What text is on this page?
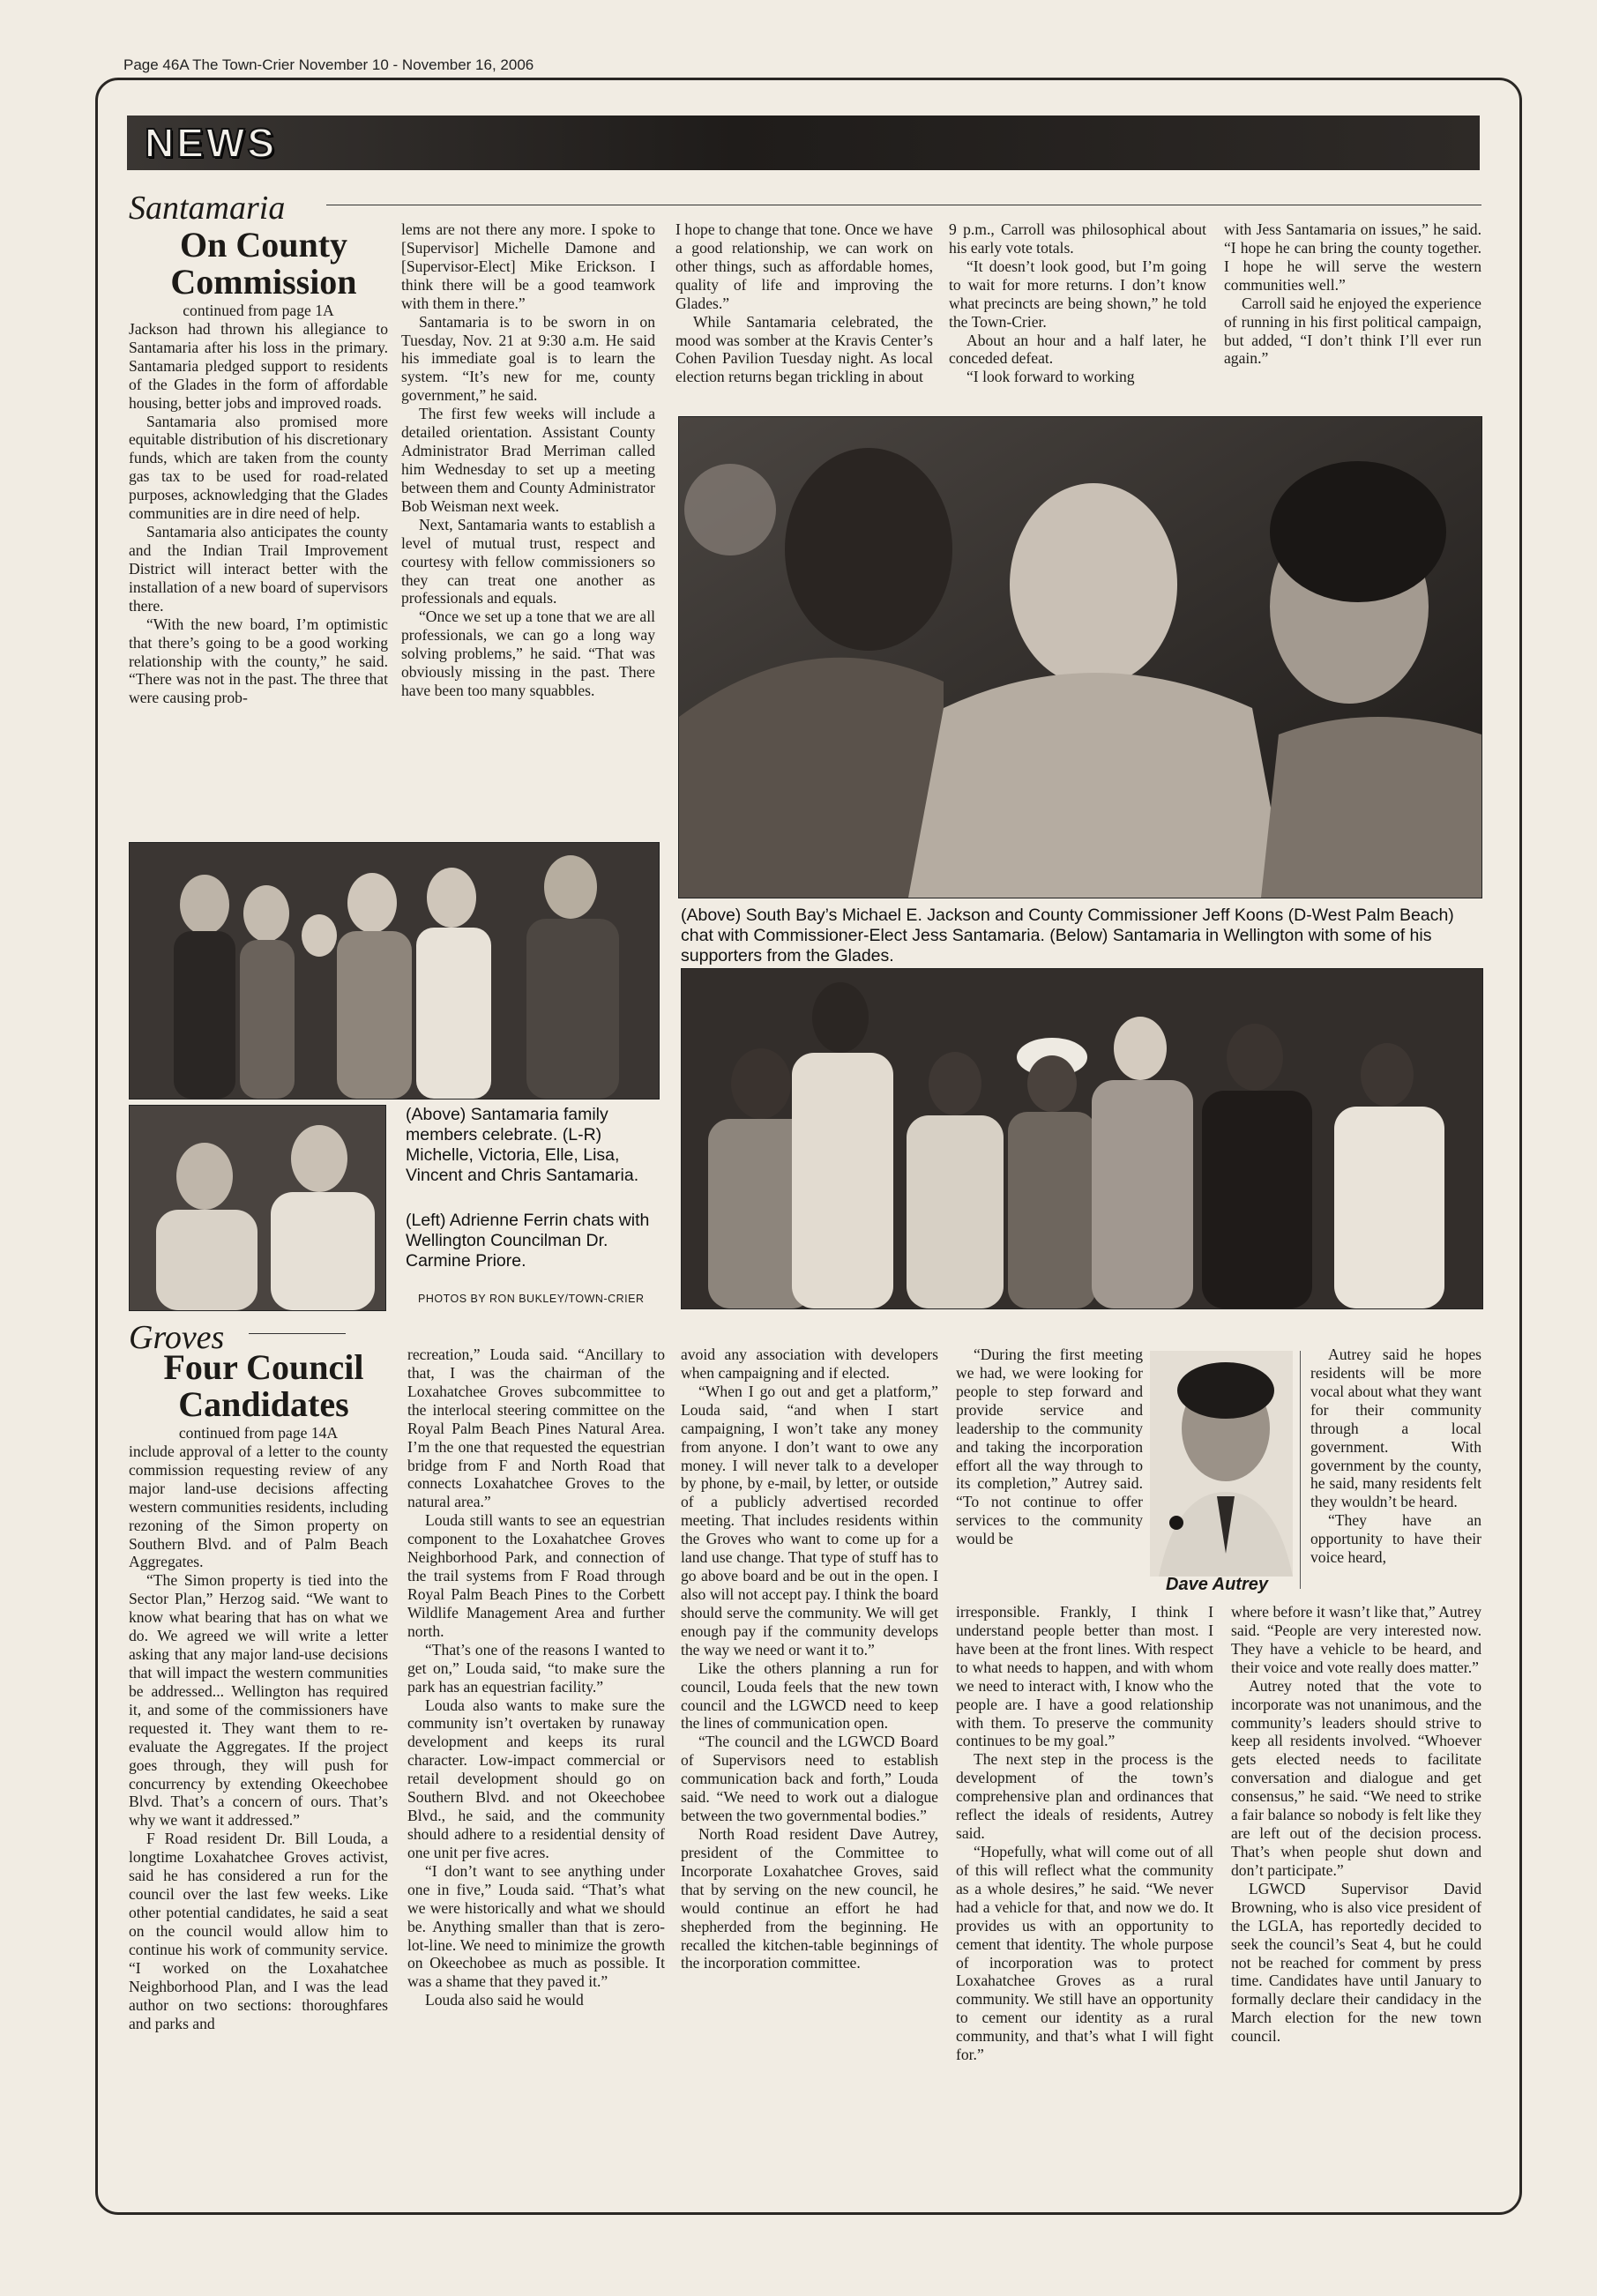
Page 46A The Town-Crier November 10 - November 16, 2006
NEWS
Santamaria
On County
Commission

continued from page 1A

Jackson had thrown his allegiance to Santamaria after his loss in the primary. Santamaria pledged support to residents of the Glades in the form of affordable housing, better jobs and improved roads.

Santamaria also promised more equitable distribution of his discretionary funds, which are taken from the county gas tax to be used for road-related purposes, acknowledging that the Glades communities are in dire need of help.

Santamaria also anticipates the county and the Indian Trail Improvement District will interact better with the installation of a new board of supervisors there.

“With the new board, I’m optimistic that there’s going to be a good working relationship with the county,” he said. “There was not in the past. The three that were causing prob-

lems are not there any more. I spoke to [Supervisor] Michelle Damone and [Supervisor-Elect] Mike Erickson. I think there will be a good teamwork with them in there.”

Santamaria is to be sworn in on Tuesday, Nov. 21 at 9:30 a.m. He said his immediate goal is to learn the system. “It’s new for me, county government,” he said.

The first few weeks will include a detailed orientation. Assistant County Administrator Brad Merriman called him Wednesday to set up a meeting between them and County Administrator Bob Weisman next week.

Next, Santamaria wants to establish a level of mutual trust, respect and courtesy with fellow commissioners so they can treat one another as professionals and equals.

“Once we set up a tone that we are all professionals, we can go a long way solving problems,” he said. “That was obviously missing in the past. There have been too many squabbles.

I hope to change that tone. Once we have a good relationship, we can work on other things, such as affordable homes, quality of life and improving the Glades.”

While Santamaria celebrated, the mood was somber at the Kravis Center’s Cohen Pavilion Tuesday night. As local election returns began trickling in about

9 p.m., Carroll was philosophical about his early vote totals.

“It doesn’t look good, but I’m going to wait for more returns. I don’t know what precincts are being shown,” he told the Town-Crier.

About an hour and a half later, he conceded defeat.

“I look forward to working

with Jess Santamaria on issues,” he said. “I hope he can bring the county together. I hope he will serve the western communities well.”

Carroll said he enjoyed the experience of running in his first political campaign, but added, “I don’t think I’ll ever run again.”

(Above) South Bay’s Michael E. Jackson and County Commissioner Jeff Koons (D-West Palm Beach) chat with Commissioner-Elect Jess Santamaria. (Below) Santamaria in Wellington with some of his supporters from the Glades.
(Above) Santamaria family members celebrate. (L-R) Michelle, Victoria, Elle, Lisa, Vincent and Chris Santamaria.
(Left) Adrienne Ferrin chats with Wellington Councilman Dr. Carmine Priore.
PHOTOS BY RON BUKLEY/TOWN-CRIER
Groves
Four Council
Candidates

continued from page 14A

include approval of a letter to the county commission requesting review of any major land-use decisions affecting western communities residents, including rezoning of the Simon property on Southern Blvd. and of Palm Beach Aggregates.

“The Simon property is tied into the Sector Plan,” Herzog said. “We want to know what bearing that has on what we do. We agreed we will write a letter asking that any major land-use decisions that will impact the western communities be addressed... Wellington has required it, and some of the commissioners have requested it. They want them to re-evaluate the Aggregates. If the project goes through, they will push for concurrency by extending Okeechobee Blvd. That’s a concern of ours. That’s why we want it addressed.”

F Road resident Dr. Bill Louda, a longtime Loxahatchee Groves activist, said he has considered a run for the council over the last few weeks. Like other potential candidates, he said a seat on the council would allow him to continue his work of community service. “I worked on the Loxahatchee Neighborhood Plan, and I was the lead author on two sections: thoroughfares and parks and

recreation,” Louda said. “Ancillary to that, I was the chairman of the Loxahatchee Groves subcommittee to the interlocal steering committee on the Royal Palm Beach Pines Natural Area. I’m the one that requested the equestrian bridge from F and North Road that connects Loxahatchee Groves to the natural area.”

Louda still wants to see an equestrian component to the Loxahatchee Groves Neighborhood Park, and connection of the trail systems from F Road through Royal Palm Beach Pines to the Corbett Wildlife Management Area and further north.

“That’s one of the reasons I wanted to get on,” Louda said, “to make sure the park has an equestrian facility.”

Louda also wants to make sure the community isn’t overtaken by runaway development and keeps its rural character. Low-impact commercial or retail development should go on Southern Blvd. and not Okeechobee Blvd., he said, and the community should adhere to a residential density of one unit per five acres.

“I don’t want to see anything under one in five,” Louda said. “That’s what we were historically and what we should be. Anything smaller than that is zero-lot-line. We need to minimize the growth on Okeechobee as much as possible. It was a shame that they paved it.”

Louda also said he would

avoid any association with developers when campaigning and if elected.

“When I go out and get a platform,” Louda said, “and when I start campaigning, I won’t take any money from anyone. I don’t want to owe any money. I will never talk to a developer by phone, by e-mail, by letter, or outside of a publicly advertised recorded meeting. That includes residents within the Groves who want to come up for a land use change. That type of stuff has to go above board and be out in the open. I also will not accept pay. I think the board should serve the community. We will get enough pay if the community develops the way we need or want it to.”

Like the others planning a run for council, Louda feels that the new town council and the LGWCD need to keep the lines of communication open.

“The council and the LGWCD Board of Supervisors need to establish communication back and forth,” Louda said. “We need to work out a dialogue between the two governmental bodies.”

North Road resident Dave Autrey, president of the Committee to Incorporate Loxahatchee Groves, said that by serving on the new council, he would continue an effort he had shepherded from the beginning. He recalled the kitchen-table beginnings of the incorporation committee.

“During the first meeting we had, we were looking for people to step forward and provide service and leadership to the community and taking the incorporation effort all the way through to its completion,” Autrey said. “To not continue to offer services to the community would be

Dave Autrey

Autrey said he hopes residents will be more vocal about what they want for their community through a local government. With government by the county, he said, many residents felt they wouldn’t be heard.

“They have an opportunity to have their voice heard,

irresponsible. Frankly, I think I understand people better than most. I have been at the front lines. With respect to what needs to happen, and with whom we need to interact with, I know who the people are. I have a good relationship with them. To preserve the community continues to be my goal.”

The next step in the process is the development of the town’s comprehensive plan and ordinances that reflect the ideals of residents, Autrey said.

“Hopefully, what will come out of all of this will reflect what the community as a whole desires,” he said. “We never had a vehicle for that, and now we do. It provides us with an opportunity to cement that identity. The whole purpose of incorporation was to protect Loxahatchee Groves as a rural community. We still have an opportunity to cement our identity as a rural community, and that’s what I will fight for.”

where before it wasn’t like that,” Autrey said. “People are very interested now. They have a vehicle to be heard, and their voice and vote really does matter.”

Autrey noted that the vote to incorporate was not unanimous, and the community’s leaders should strive to keep all residents involved. “Whoever gets elected needs to facilitate conversation and dialogue and get consensus,” he said. “We need to strike a fair balance so nobody is felt like they are left out of the decision process. That’s when people shut down and don’t participate.”

LGWCD Supervisor David Browning, who is also vice president of the LGLA, has reportedly decided to seek the council’s Seat 4, but he could not be reached for comment by press time. Candidates have until January to formally declare their candidacy in the March election for the new town council.
